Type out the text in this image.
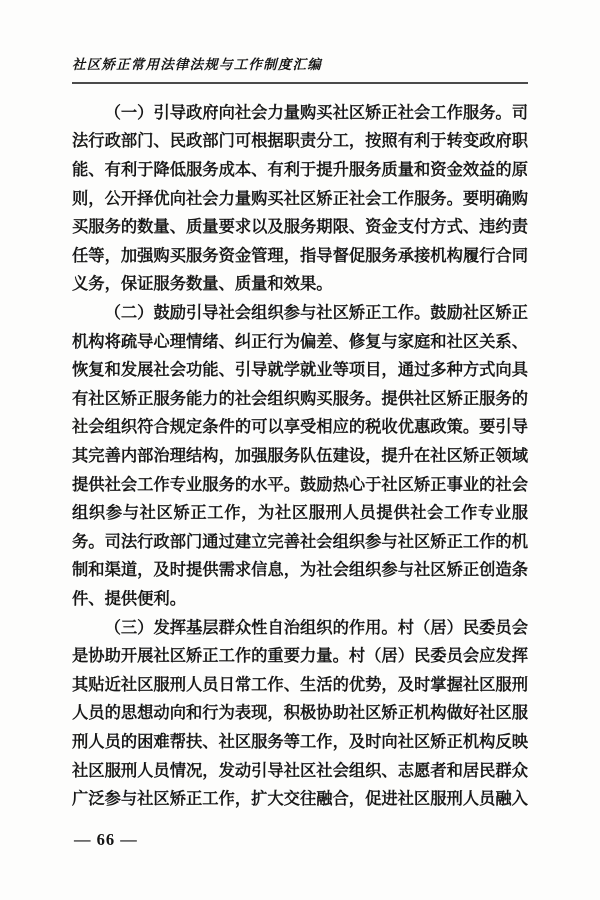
社区矫正常用法律法规与工作制度汇编

（一）引导政府向社会力量购买社区矫正社会工作服务。司法行政部门、民政部门可根据职责分工，按照有利于转变政府职能、有利于降低服务成本、有利于提升服务质量和资金效益的原则，公开择优向社会力量购买社区矫正社会工作服务。要明确购买服务的数量、质量要求以及服务期限、资金支付方式、违约责任等，加强购买服务资金管理，指导督促服务承接机构履行合同义务，保证服务数量、质量和效果。

（二）鼓励引导社会组织参与社区矫正工作。鼓励社区矫正机构将疏导心理情绪、纠正行为偏差、修复与家庭和社区关系、恢复和发展社会功能、引导就学就业等项目，通过多种方式向具有社区矫正服务能力的社会组织购买服务。提供社区矫正服务的社会组织符合规定条件的可以享受相应的税收优惠政策。要引导其完善内部治理结构，加强服务队伍建设，提升在社区矫正领域提供社会工作专业服务的水平。鼓励热心于社区矫正事业的社会组织参与社区矫正工作，为社区服刑人员提供社会工作专业服务。司法行政部门通过建立完善社会组织参与社区矫正工作的机制和渠道，及时提供需求信息，为社会组织参与社区矫正创造条件、提供便利。

（三）发挥基层群众性自治组织的作用。村（居）民委员会是协助开展社区矫正工作的重要力量。村（居）民委员会应发挥其贴近社区服刑人员日常工作、生活的优势，及时掌握社区服刑人员的思想动向和行为表现，积极协助社区矫正机构做好社区服刑人员的困难帮扶、社区服务等工作，及时向社区矫正机构反映社区服刑人员情况，发动引导社区社会组织、志愿者和居民群众广泛参与社区矫正工作，扩大交往融合，促进社区服刑人员融入

— 66 —
